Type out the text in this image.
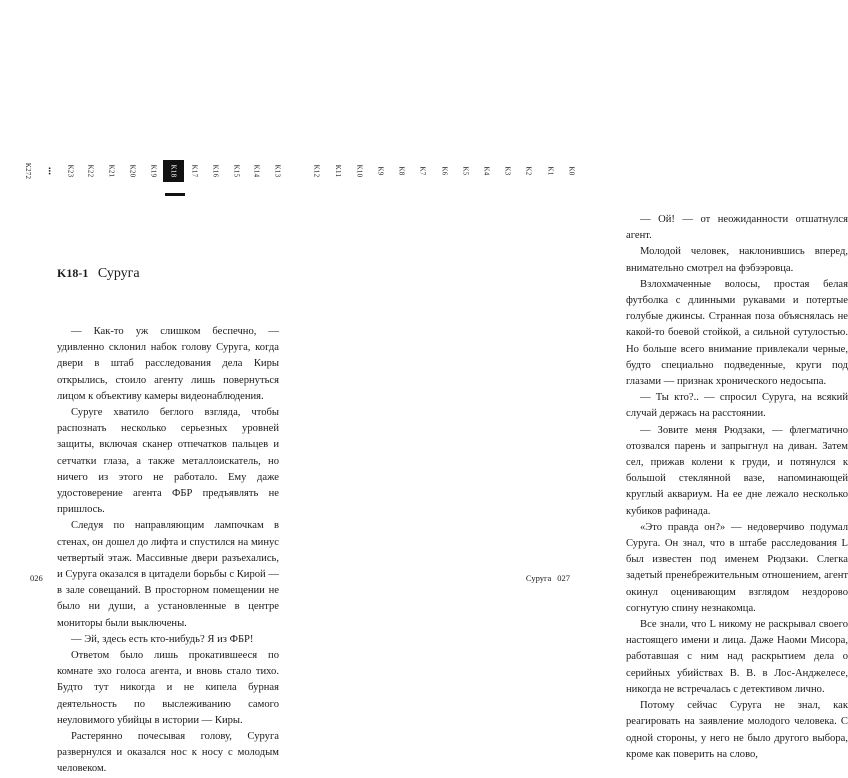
K272 ••• K23 K22 K21 K20 K19 K18 K17 K16 K15 K14 K13	K12 K11 K10 K9 K8 K7 K6 K5 K4 K3 K2 K1 K0
K18-1 Суруга

— Как-то уж слишком беспечно, — удивленно склонил набок голову Суруга, когда двери в штаб расследования дела Киры открылись, стоило агенту лишь повернуться лицом к объективу камеры видеонаблюдения.

Суруге хватило беглого взгляда, чтобы распознать несколько серьезных уровней защиты, включая сканер отпечатков пальцев и сетчатки глаза, а также металлоискатель, но ничего из этого не работало. Ему даже удостоверение агента ФБР предъявлять не пришлось.

Следуя по направляющим лампочкам в стенах, он дошел до лифта и спустился на минус четвертый этаж. Массивные двери разъехались, и Суруга оказался в цитадели борьбы с Кирой — в зале совещаний. В просторном помещении не было ни души, а установленные в центре мониторы были выключены.

— Эй, здесь есть кто-нибудь? Я из ФБР!

Ответом было лишь прокатившееся по комнате эхо голоса агента, и вновь стало тихо. Будто тут никогда и не кипела бурная деятельность по выслеживанию самого неуловимого убийцы в истории — Киры.

Растерянно почесывая голову, Суруга развернулся и оказался нос к носу с молодым человеком.

026

— Ой! — от неожиданности отшатнулся агент.

Молодой человек, наклонившись вперед, внимательно смотрел на фэбээровца.

Взлохмаченные волосы, простая белая футболка с длинными рукавами и потертые голубые джинсы. Странная поза объяснялась не какой-то боевой стойкой, а сильной сутулостью. Но больше всего внимание привлекали черные, будто специально подведенные, круги под глазами — признак хронического недосыпа.

— Ты кто?.. — спросил Суруга, на всякий случай держась на расстоянии.

— Зовите меня Рюдзаки, — флегматично отозвался парень и запрыгнул на диван. Затем сел, прижав колени к груди, и потянулся к большой стеклянной вазе, напоминающей круглый аквариум. На ее дне лежало несколько кубиков рафинада.

«Это правда он?» — недоверчиво подумал Суруга. Он знал, что в штабе расследования L был известен под именем Рюдзаки. Слегка задетый пренебрежительным отношением, агент окинул оценивающим взглядом нездорово согнутую спину незнакомца.

Все знали, что L никому не раскрывал своего настоящего имени и лица. Даже Наоми Мисора, работавшая с ним над раскрытием дела о серийных убийствах В. В. в Лос-Анджелесе, никогда не встречалась с детективом лично.

Потому сейчас Суруга не знал, как реагировать на заявление молодого человека. С одной стороны, у него не было другого выбора, кроме как поверить на слово,

Суруга 027
